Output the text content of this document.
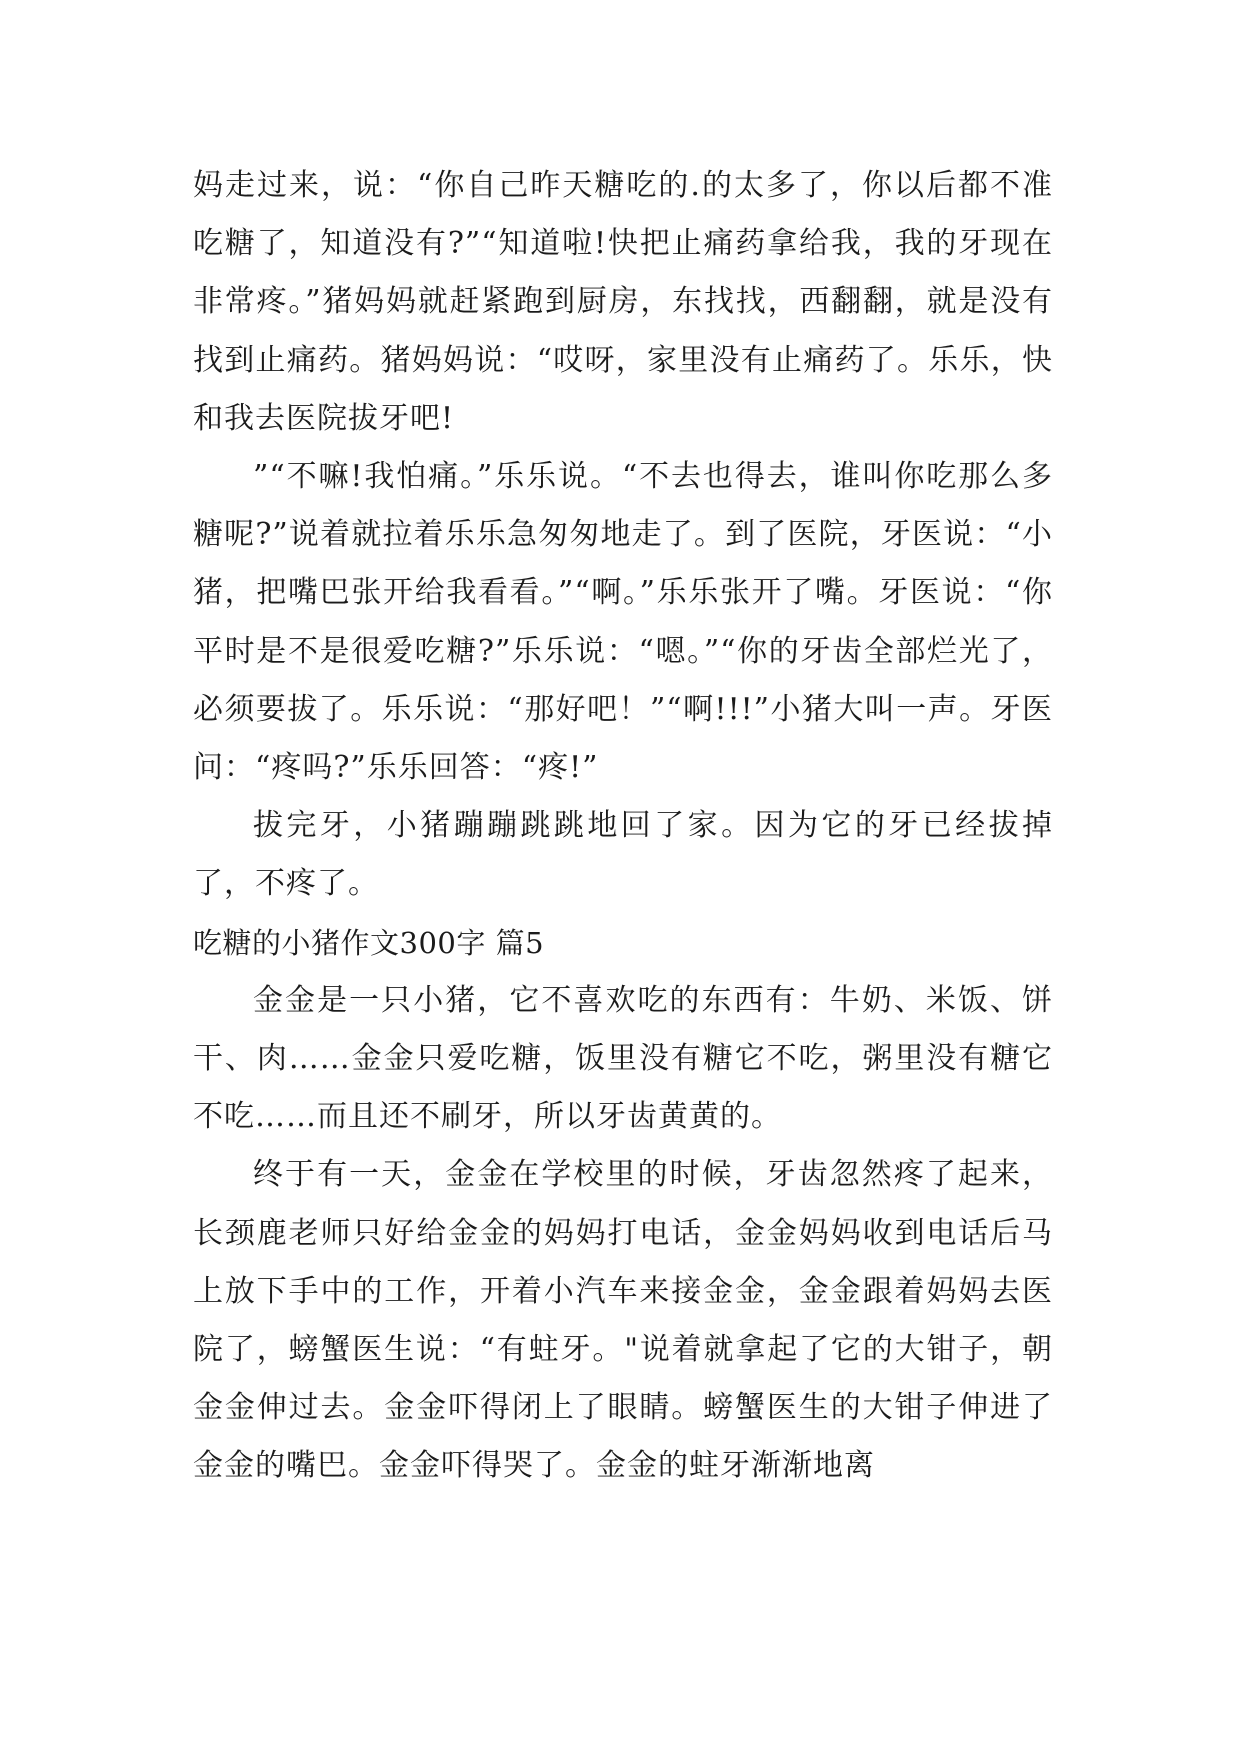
妈走过来，说：“你自己昨天糖吃的.的太多了，你以后都不准吃糖了，知道没有?”“知道啦!快把止痛药拿给我，我的牙现在非常疼。”猪妈妈就赶紧跑到厨房，东找找，西翻翻，就是没有找到止痛药。猪妈妈说：“哎呀，家里没有止痛药了。乐乐，快和我去医院拔牙吧!

”“不嘛!我怕痛。”乐乐说。“不去也得去，谁叫你吃那么多糖呢?”说着就拉着乐乐急匆匆地走了。到了医院，牙医说：“小猪，把嘴巴张开给我看看。”“啊。”乐乐张开了嘴。牙医说：“你平时是不是很爱吃糖?”乐乐说：“嗯。”“你的牙齿全部烂光了，必须要拔了。乐乐说：“那好吧！”“啊!!!”小猪大叫一声。牙医问：“疼吗?”乐乐回答：“疼!”

拔完牙，小猪蹦蹦跳跳地回了家。因为它的牙已经拔掉了，不疼了。

吃糖的小猪作文300字 篇5

金金是一只小猪，它不喜欢吃的东西有：牛奶、米饭、饼干、肉……金金只爱吃糖，饭里没有糖它不吃，粥里没有糖它不吃……而且还不刷牙，所以牙齿黄黄的。

终于有一天，金金在学校里的时候，牙齿忽然疼了起来，长颈鹿老师只好给金金的妈妈打电话，金金妈妈收到电话后马上放下手中的工作，开着小汽车来接金金，金金跟着妈妈去医院了，螃蟹医生说：“有蛀牙。"说着就拿起了它的大钳子，朝金金伸过去。金金吓得闭上了眼睛。螃蟹医生的大钳子伸进了金金的嘴巴。金金吓得哭了。金金的蛀牙渐渐地离
